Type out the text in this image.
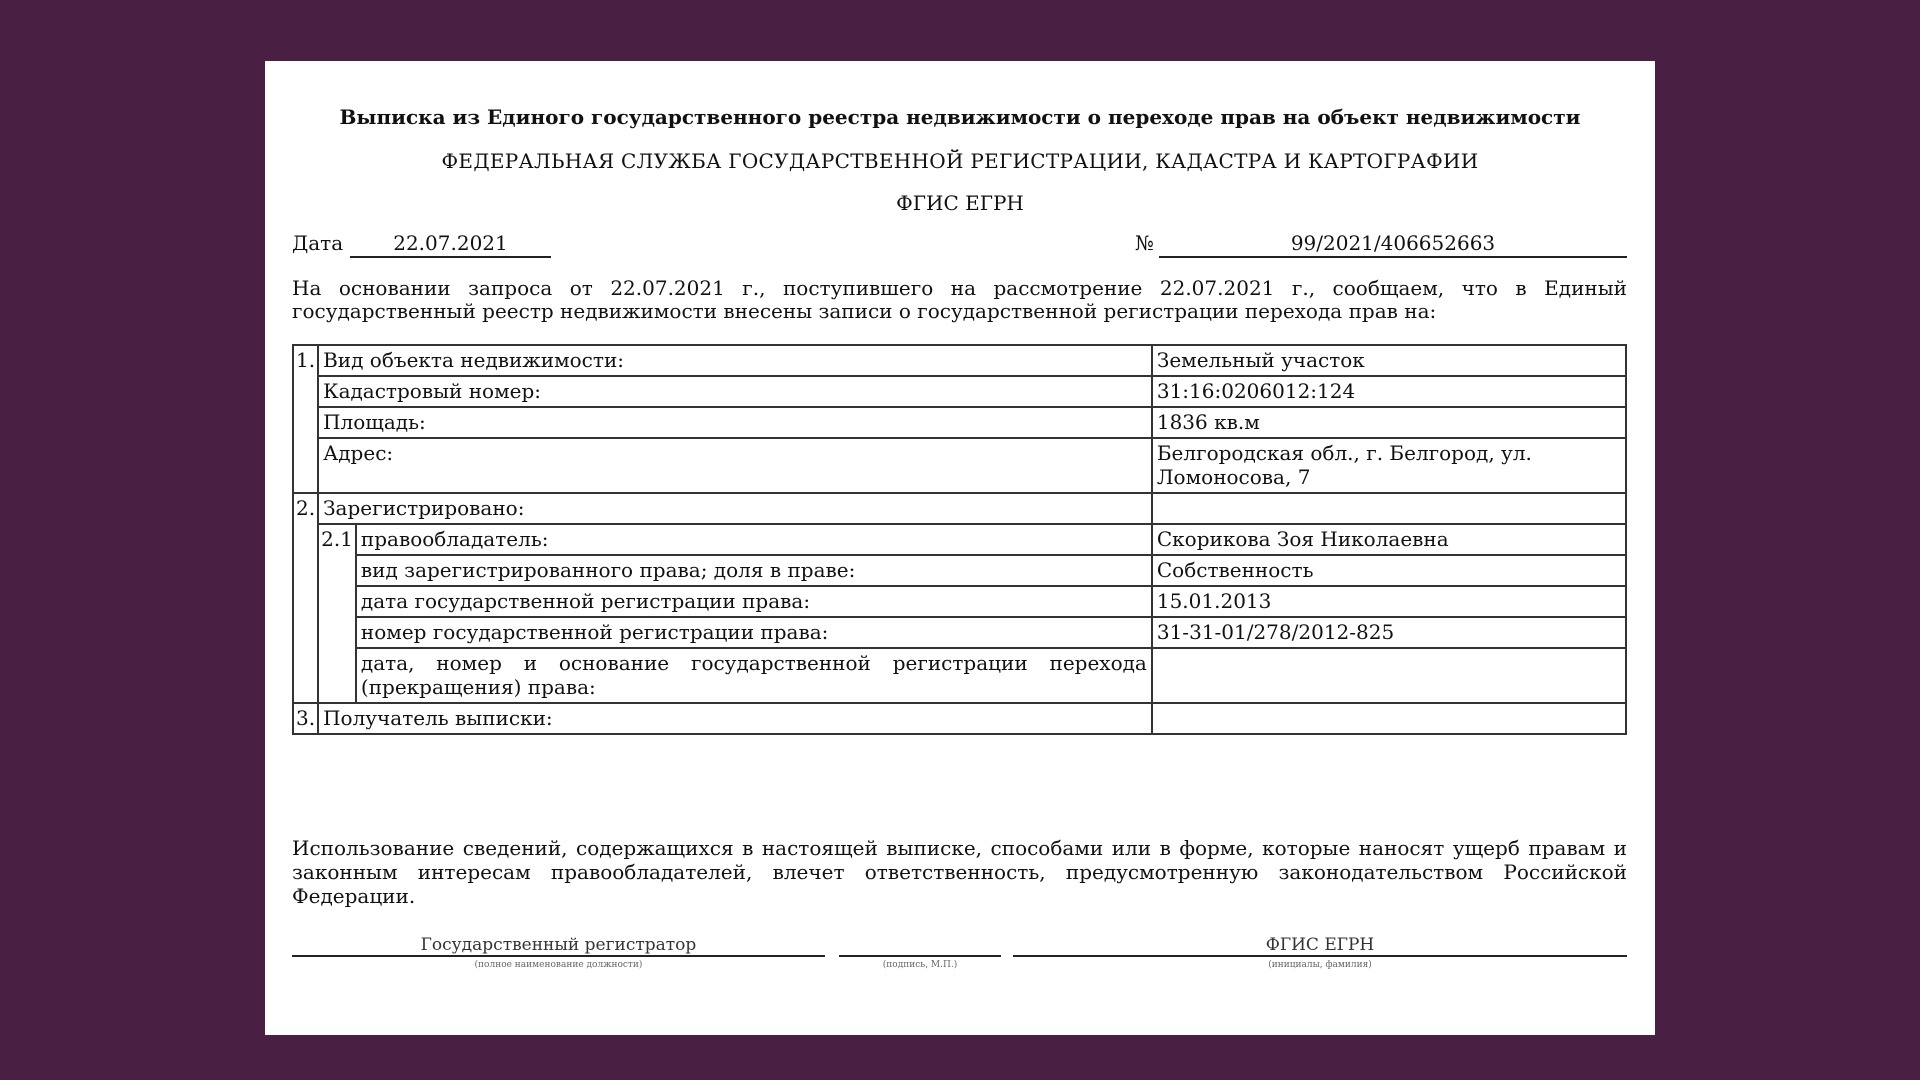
Выписка из Единого государственного реестра недвижимости о переходе прав на объект недвижимости
ФЕДЕРАЛЬНАЯ СЛУЖБА ГОСУДАРСТВЕННОЙ РЕГИСТРАЦИИ, КАДАСТРА И КАРТОГРАФИИ
ФГИС ЕГРН
Дата	22.07.2021	№	99/2021/406652663
На основании запроса от 22.07.2021 г., поступившего на рассмотрение 22.07.2021 г., сообщаем, что в Единый государственный реестр недвижимости внесены записи о государственной регистрации перехода прав на:
1.	Вид объекта недвижимости:		Земельный участок
	Кадастровый номер:		31:16:0206012:124
	Площадь:		1836 кв.м
	Адрес:		Белгородская обл., г. Белгород, ул. Ломоносова, 7
2.	Зарегистрировано:		
	2.1	правообладатель:	Скорикова Зоя Николаевна
		вид зарегистрированного права; доля в праве:	Собственность
		дата государственной регистрации права:	15.01.2013
		номер государственной регистрации права:	31-31-01/278/2012-825
		дата, номер и основание государственной регистрации перехода (прекращения) права:	
3.	Получатель выписки:		
Использование сведений, содержащихся в настоящей выписке, способами или в форме, которые наносят ущерб правам и законным интересам правообладателей, влечет ответственность, предусмотренную законодательством Российской Федерации.
Государственный регистратор
(полное наименование должности)	(подпись, М.П.)
ФГИС ЕГРН
(инициалы, фамилия)
